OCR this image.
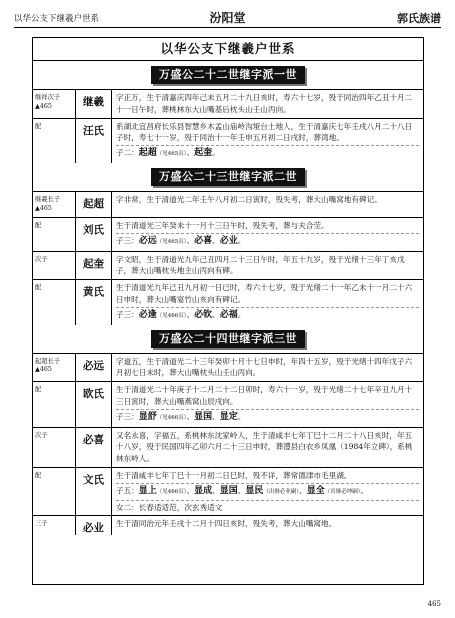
以华公支下继羲户世系	汾阳堂	郭氏族谱
以华公支下继羲户世系
万盛公二十二世继字派一世
继祥次子
▲465	继羲	字正万，生于清嘉庆四年己未五月二十九日亥时，寿六十七岁，殁于同治四年乙丑十月二十一日午时，葬桃林东大山嘴基后枕头山壬山丙向。
配	汪氏	系湖北宜昌府长乐县智慧乡木孟山庙岭沟垭台土地人，生于清嘉庆七年壬戌八月二十八日子时，寿七十一岁，殁于同治十一年壬申五月初二日戌时，葬湾地。
子二：起超（见465页）、起奎。
万盛公二十三世继字派二世
继羲长子
▲465	起超	字非常，生于清道光二年壬午八月初二日寅时，殁失考，葬大山嘴窝地有碑记。
配	刘氏	生于清道光三年癸未十一月十三日午时，殁失考，葬与夫合茔。
子三：必远（见465页）、必喜、必业。
次子	起奎	字文昭，生于清道光九年己丑四月二十三日午时，年五十九岁，殁于光绪十三年丁亥戊子，葬大山嘴枕头地主山丙向有碑。
配	黄氏	生于清道光九年己丑九月初一日已时，寿六十七岁，殁于光绪二十一年乙未十一月二十六日申时，葬大山嘴宴竹山亥向有碑记。
子三：必逢（见466页）、必钦、必福。
万盛公二十四世继字派三世
起超长子
▲465	必远	字道五，生于清道光二十三年癸卯十月十七日申时，年四十五岁，殁于光绪十四年戊子六月初七日未时，葬大山嘴枕头山壬山丙向。
配	欧氏	生于清道光二十年庚子十二月二十二日卯时，寿六十一岁，殁于光绪二十七年辛丑九月十三日寅时，葬大山嘴燕窝山辰戌向。
子三：显舒（见466页）、显国、显定。
次子	必喜	又名永喜，字福五，系桃林东沈家岭人，生于清咸丰七年丁巳十二月二十八日亥时，年五十八岁，殁于民国四年乙卯六月二十三日申时，葬澧县白衣乡凤凰（1984年立碑），系桃林东岭人。
配	文氏	生于清咸丰七年丁巳十一月初二日巳时，殁不详，葬常德津市毛里湖。
子五：显上（见466页）、显成、显国、显民（出继必业嗣）、显全（出继必坤嗣）。
女二：长春适适范，次玄秀适文
三子	必业	生于清同治元年壬戌十二月十四日亥时，殁失考，葬大山嘴窝地。
465
